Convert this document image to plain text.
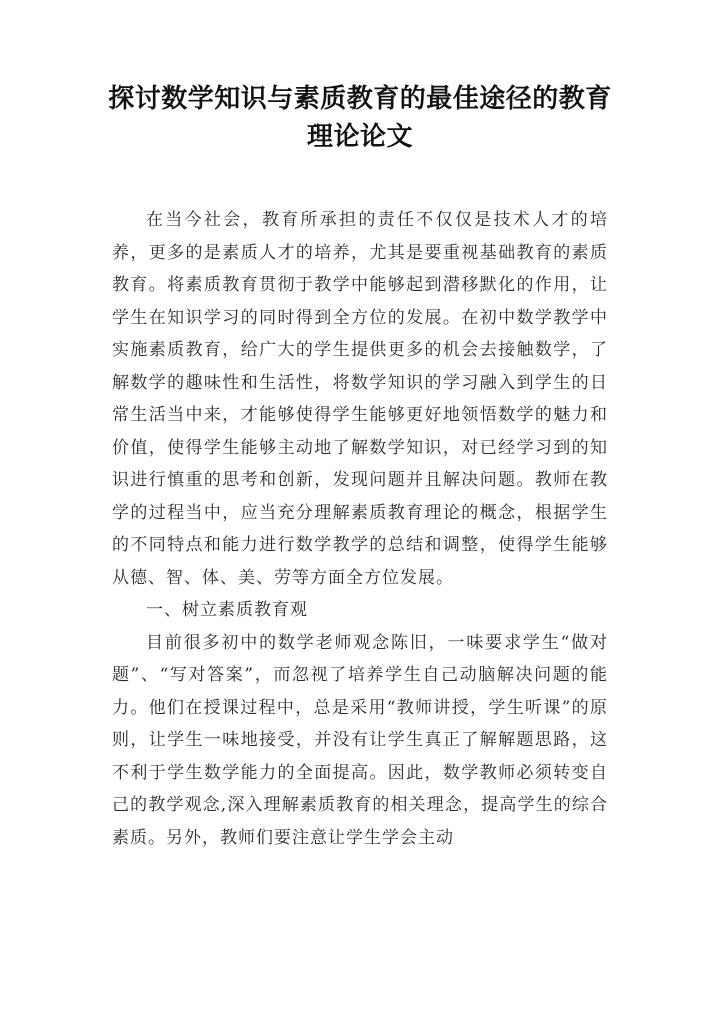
探讨数学知识与素质教育的最佳途径的教育理论论文

在当今社会，教育所承担的责任不仅仅是技术人才的培养，更多的是素质人才的培养，尤其是要重视基础教育的素质教育。将素质教育贯彻于教学中能够起到潜移默化的作用，让学生在知识学习的同时得到全方位的发展。在初中数学教学中实施素质教育，给广大的学生提供更多的机会去接触数学，了解数学的趣味性和生活性，将数学知识的学习融入到学生的日常生活当中来，才能够使得学生能够更好地领悟数学的魅力和价值，使得学生能够主动地了解数学知识，对已经学习到的知识进行慎重的思考和创新，发现问题并且解决问题。教师在教学的过程当中，应当充分理解素质教育理论的概念，根据学生的不同特点和能力进行数学教学的总结和调整，使得学生能够从德、智、体、美、劳等方面全方位发展。

一、树立素质教育观

目前很多初中的数学老师观念陈旧，一味要求学生“做对题”、“写对答案”，而忽视了培养学生自己动脑解决问题的能力。他们在授课过程中，总是采用“教师讲授，学生听课”的原则，让学生一味地接受，并没有让学生真正了解解题思路，这不利于学生数学能力的全面提高。因此，数学教师必须转变自己的教学观念,深入理解素质教育的相关理念，提高学生的综合素质。另外，教师们要注意让学生学会主动
